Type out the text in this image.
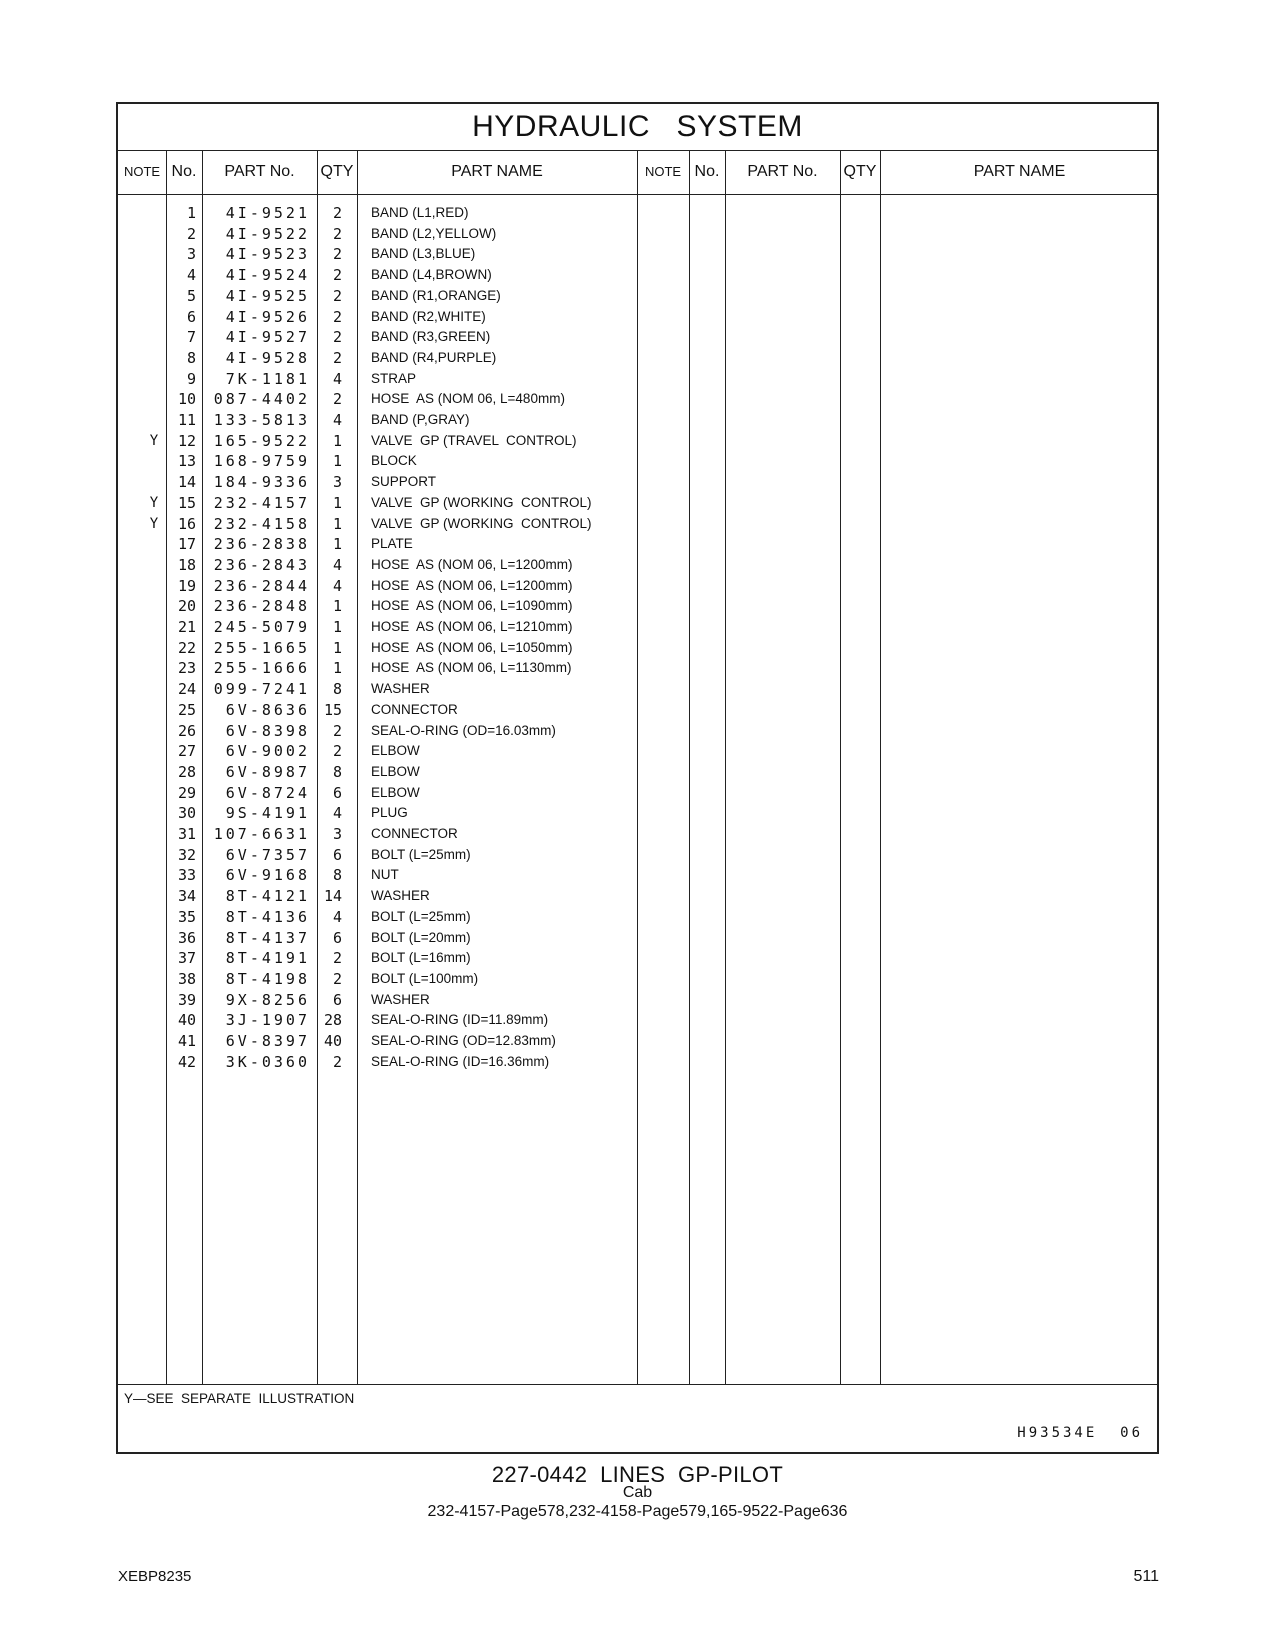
HYDRAULIC   SYSTEM
NOTE No.	PART No.	QTY	PART NAME	NOTE No.	PART No.	QTY	PART NAME
1	4I-9521	2 BAND (L1,RED)
2	4I-9522	2 BAND (L2,YELLOW)
3	4I-9523	2 BAND (L3,BLUE)
4	4I-9524	2 BAND (L4,BROWN)
5	4I-9525	2 BAND (R1,ORANGE)
6	4I-9526	2 BAND (R2,WHITE)
7	4I-9527	2 BAND (R3,GREEN)
8	4I-9528	2 BAND (R4,PURPLE)
9	7K-1181	4 STRAP
10 087-4402	2 HOSE  AS (NOM 06, L=480mm)
11 133-5813	4 BAND (P,GRAY)
Y	12 165-9522	1 VALVE  GP (TRAVEL  CONTROL)
13 168-9759	1 BLOCK
14 184-9336	3 SUPPORT
Y	15 232-4157	1 VALVE  GP (WORKING  CONTROL)
Y	16 232-4158	1 VALVE  GP (WORKING  CONTROL)
17 236-2838	1 PLATE
18 236-2843	4 HOSE  AS (NOM 06, L=1200mm)
19 236-2844	4 HOSE  AS (NOM 06, L=1200mm)
20 236-2848	1 HOSE  AS (NOM 06, L=1090mm)
21 245-5079	1 HOSE  AS (NOM 06, L=1210mm)
22 255-1665	1 HOSE  AS (NOM 06, L=1050mm)
23 255-1666	1 HOSE  AS (NOM 06, L=1130mm)
24 099-7241	8 WASHER
25	6V-8636 15 CONNECTOR
26	6V-8398	2 SEAL-O-RING (OD=16.03mm)
27	6V-9002	2 ELBOW
28	6V-8987	8 ELBOW
29	6V-8724	6 ELBOW
30	9S-4191	4 PLUG
31 107-6631	3 CONNECTOR
32	6V-7357	6 BOLT (L=25mm)
33	6V-9168	8 NUT
34	8T-4121 14 WASHER
35	8T-4136	4 BOLT (L=25mm)
36	8T-4137	6 BOLT (L=20mm)
37	8T-4191	2 BOLT (L=16mm)
38	8T-4198	2 BOLT (L=100mm)
39	9X-8256	6 WASHER
40	3J-1907 28 SEAL-O-RING (ID=11.89mm)
41	6V-8397 40 SEAL-O-RING (OD=12.83mm)
42	3K-0360	2 SEAL-O-RING (ID=16.36mm)
Y—SEE  SEPARATE  ILLUSTRATION
H93534E  06
227-0442  LINES  GP-PILOT
Cab
232-4157-Page578,232-4158-Page579,165-9522-Page636
XEBP8235	511
